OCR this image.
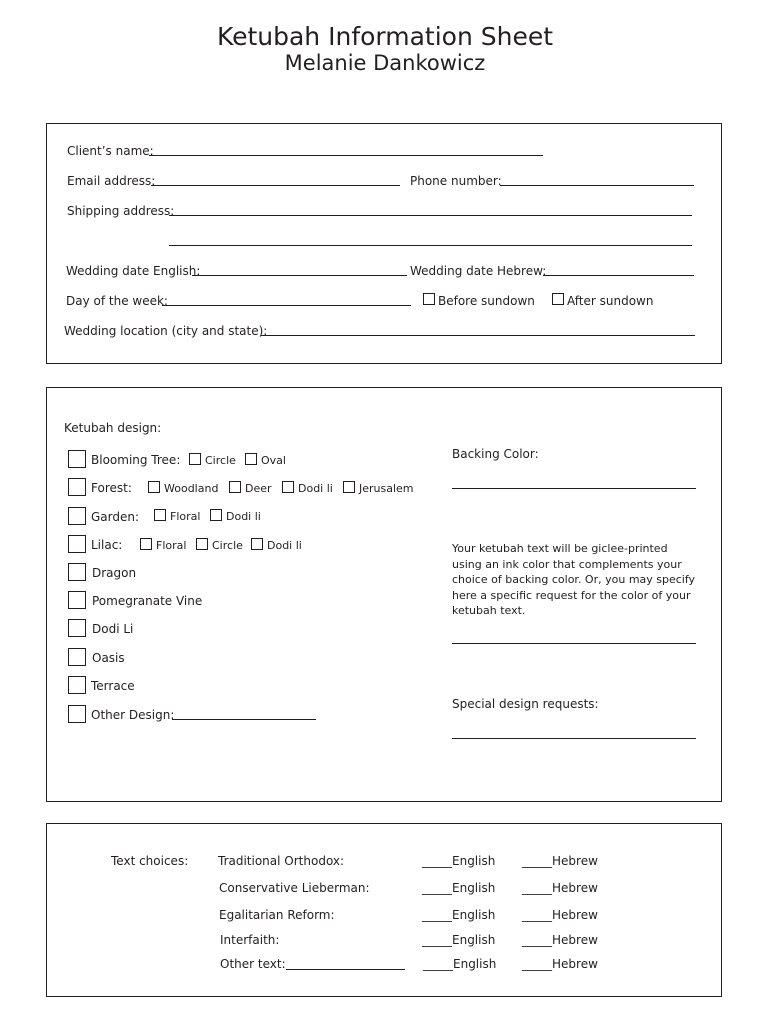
Ketubah Information Sheet
Melanie Dankowicz
Client’s name:
Email address:	Phone number:
Shipping address:
Wedding date English:	Wedding date Hebrew:
Day of the week:	Before sundown	After sundown
Wedding location (city and state):
Ketubah design:
Blooming Tree: Circle Oval
Forest:	Woodland Deer Dodi li Jerusalem
Garden:	Floral Dodi li
Lilac:	Floral Circle Dodi li
Dragon
Pomegranate Vine
Dodi Li
Oasis
Terrace
Other Design:
Backing Color:
Your ketubah text will be giclee-printed using an ink color that complements your choice of backing color. Or, you may specify here a specific request for the color of your ketubah text.
Special design requests:
Text choices: Traditional Orthodox:	_____English _____Hebrew
Conservative Lieberman:	_____English _____Hebrew
Egalitarian Reform:	_____English _____Hebrew
Interfaith:	_____English _____Hebrew
Other text:	_____English _____Hebrew
